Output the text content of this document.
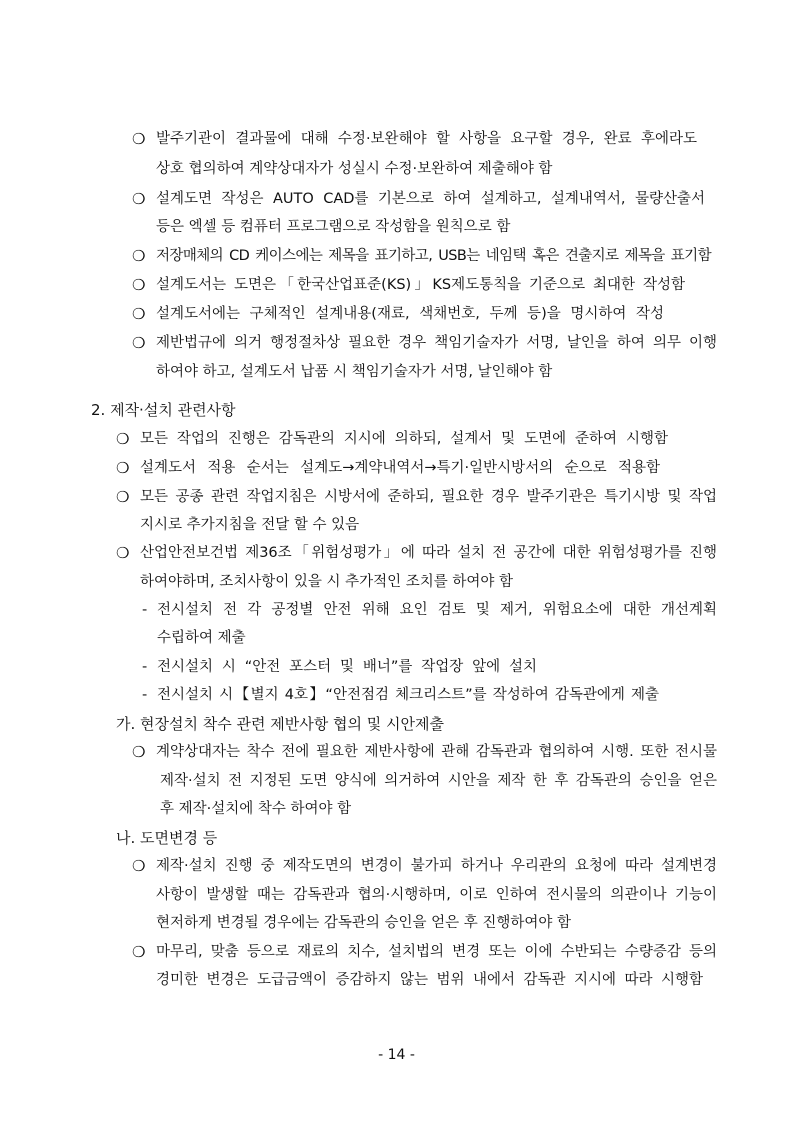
❍ 발주기관이 결과물에 대해 수정·보완해야 할 사항을 요구할 경우, 완료 후에라도
상호 협의하여 계약상대자가 성실시 수정·보완하여 제출해야 함
❍ 설계도면 작성은 AUTO CAD를 기본으로 하여 설계하고, 설계내역서, 물량산출서
등은 엑셀 등 컴퓨터 프로그램으로 작성함을 원칙으로 함
❍ 저장매체의 CD 케이스에는 제목을 표기하고, USB는 네임택 혹은 견출지로 제목을 표기함
❍ 설계도서는 도면은「한국산업표준(KS)」KS제도통칙을 기준으로 최대한 작성함
❍ 설계도서에는 구체적인 설계내용(재료, 색채번호, 두께 등)을 명시하여 작성
❍ 제반법규에 의거 행정절차상 필요한 경우 책임기술자가 서명, 날인을 하여 의무 이행
하여야 하고, 설계도서 납품 시 책임기술자가 서명, 날인해야 함
2. 제작·설치 관련사항
❍ 모든 작업의 진행은 감독관의 지시에 의하되, 설계서 및 도면에 준하여 시행함
❍ 설계도서 적용 순서는 설계도→계약내역서→특기·일반시방서의 순으로 적용함
❍ 모든 공종 관련 작업지침은 시방서에 준하되, 필요한 경우 발주기관은 특기시방 및 작업
지시로 추가지침을 전달 할 수 있음
❍ 산업안전보건법 제36조「위험성평가」에 따라 설치 전 공간에 대한 위험성평가를 진행
하여야하며, 조치사항이 있을 시 추가적인 조치를 하여야 함
- 전시설치 전 각 공정별 안전 위해 요인 검토 및 제거, 위험요소에 대한 개선계획
수립하여 제출
- 전시설치 시 “안전 포스터 및 배너”를 작업장 앞에 설치
- 전시설치 시【별지 4호】“안전점검 체크리스트”를 작성하여 감독관에게 제출
가. 현장설치 착수 관련 제반사항 협의 및 시안제출
❍ 계약상대자는 착수 전에 필요한 제반사항에 관해 감독관과 협의하여 시행. 또한 전시물
제작·설치 전 지정된 도면 양식에 의거하여 시안을 제작 한 후 감독관의 승인을 얻은
후 제작·설치에 착수 하여야 함
나. 도면변경 등
❍ 제작·설치 진행 중 제작도면의 변경이 불가피 하거나 우리관의 요청에 따라 설계변경
사항이 발생할 때는 감독관과 협의·시행하며, 이로 인하여 전시물의 의관이나 기능이
현저하게 변경될 경우에는 감독관의 승인을 얻은 후 진행하여야 함
❍ 마무리, 맞춤 등으로 재료의 치수, 설치법의 변경 또는 이에 수반되는 수량증감 등의
경미한 변경은 도급금액이 증감하지 않는 범위 내에서 감독관 지시에 따라 시행함
- 14 -
